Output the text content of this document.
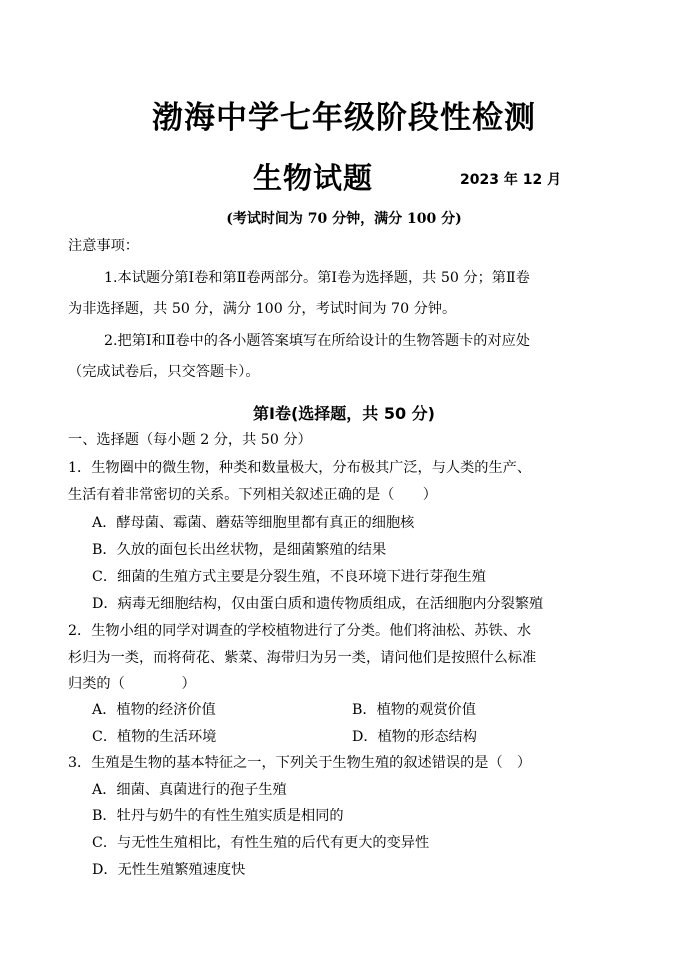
渤海中学七年级阶段性检测
生物试题	2023 年 12 月
(考试时间为 70 分钟，满分 100 分)
注意事项：
1.本试题分第Ⅰ卷和第Ⅱ卷两部分。第Ⅰ卷为选择题，共 50 分；第Ⅱ卷
为非选择题，共 50 分，满分 100 分，考试时间为 70 分钟。
2.把第Ⅰ和Ⅱ卷中的各小题答案填写在所给设计的生物答题卡的对应处
（完成试卷后，只交答题卡）。
第Ⅰ卷(选择题，共 50 分)
一、选择题（每小题 2 分，共 50 分）
1．生物圈中的微生物，种类和数量极大，分布极其广泛，与人类的生产、
生活有着非常密切的关系。下列相关叙述正确的是（　　）
A．酵母菌、霉菌、蘑菇等细胞里都有真正的细胞核
B．久放的面包长出丝状物，是细菌繁殖的结果
C．细菌的生殖方式主要是分裂生殖，不良环境下进行芽孢生殖
D．病毒无细胞结构，仅由蛋白质和遗传物质组成，在活细胞内分裂繁殖
2．生物小组的同学对调查的学校植物进行了分类。他们将油松、苏铁、水
杉归为一类，而将荷花、紫菜、海带归为另一类，请问他们是按照什么标准
归类的（　　　　）
A．植物的经济价值	B．植物的观赏价值
C．植物的生活环境	D．植物的形态结构
3．生殖是生物的基本特征之一，下列关于生物生殖的叙述错误的是（　）
A．细菌、真菌进行的孢子生殖
B．牡丹与奶牛的有性生殖实质是相同的
C．与无性生殖相比，有性生殖的后代有更大的变异性
D．无性生殖繁殖速度快
